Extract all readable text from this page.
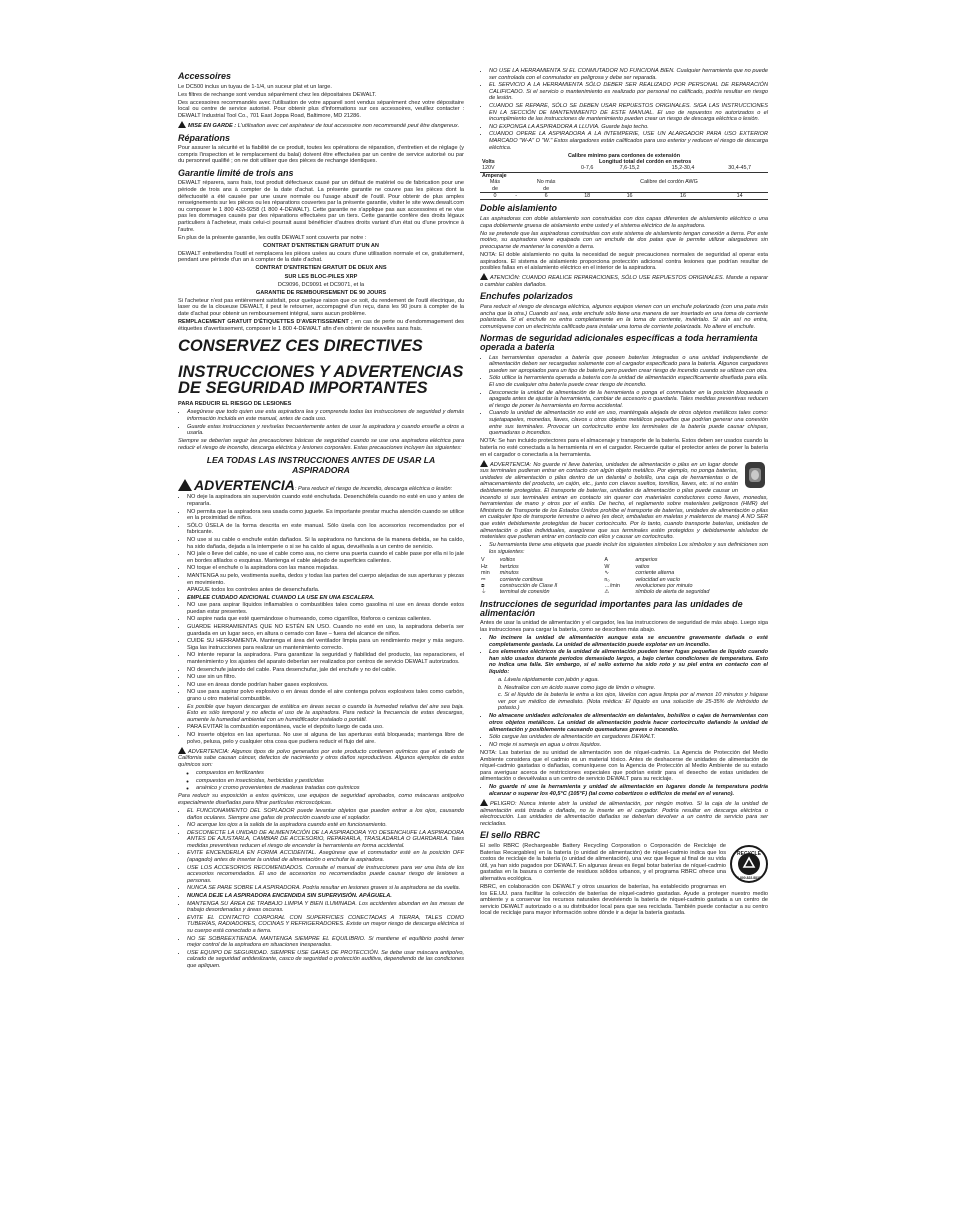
Accessoires

Le DC500 inclus un tuyau de 1-1/4, un suceur plat et un large.

Les filtres de rechange sont vendus séparément chez les dépositaires DEWALT.

Des accessoires recommandés avec l'utilisation de votre appareil sont vendus séparément chez votre dépositaire local ou centre de service autorisé. Pour obtenir plus d'informations sur ces accessoires, veuillez contacter : DEWALT Industrial Tool Co., 701 East Joppa Road, Baltimore, MD 21286.

MISE EN GARDE : L'utilisation avec cet aspirateur de tout accessoire non recommandé peut être dangereux.

Réparations

Pour assurer la sécurité et la fiabilité de ce produit, toutes les opérations de réparation, d'entretien et de réglage (y compris l'inspection et le remplacement du balai) doivent être effectuées par un centre de service autorisé ou par du personnel qualifié ; on ne doit utiliser que des pièces de rechange identiques.

Garantie limité de trois ans

DEWALT réparera, sans frais, tout produit défectueux causé par un défaut de matériel ou de fabrication pour une période de trois ans à compter de la date d'achat. La présente garantie ne couvre pas les pièces dont la défectuosité a été causée par une usure normale ou l'usage abusif de l'outil. Pour obtenir de plus amples renseignements sur les pièces ou les réparations couvertes par la présente garantie, visiter le site www.dewalt.com ou composer le 1 800 433-9258 (1 800 4-DEWALT). Cette garantie ne s'applique pas aux accessoires et ne vise pas les dommages causés par des réparations effectuées par un tiers. Cette garantie confère des droits légaux particuliers à l'acheteur, mais celui-ci pourrait aussi bénéficier d'autres droits variant d'un état ou d'une province à l'autre.

En plus de la présente garantie, les outils DEWALT sont couverts par notre :

CONTRAT D'ENTRETIEN GRATUIT D'UN AN

DEWALT entretiendra l'outil et remplacera les pièces usées au cours d'une utilisation normale et ce, gratuitement, pendant une période d'un an à compter de la date d'achat.

CONTRAT D'ENTRETIEN GRATUIT DE DEUX ANS

SUR LES BLOC-PILES XRP

DC9096, DC9091 et DC9071, et la

GARANTIE DE REMBOURSEMENT DE 90 JOURS

Si l'acheteur n'est pas entièrement satisfait, pour quelque raison que ce soit, du rendement de l'outil électrique, du laser ou de la cloueuse DEWALT, il peut le retourner, accompagné d'un reçu, dans les 90 jours à compter de la date d'achat pour obtenir un remboursement intégral, sans aucun problème.

REMPLACEMENT GRATUIT D'ÉTIQUETTES D'AVERTISSEMENT ; en cas de perte ou d'endommagement des étiquettes d'avertissement, composer le 1 800 4-DEWALT afin d'en obtenir de nouvelles sans frais.

CONSERVEZ CES DIRECTIVES
INSTRUCCIONES Y ADVERTENCIAS DE SEGURIDAD IMPORTANTES

PARA REDUCIR EL RIESGO DE LESIONES

• Asegúrese que todo quien use esta aspiradora lea y comprenda todas las instrucciones de seguridad y demás información incluida en este manual, antes de cada uso.
• Guarde estas instrucciones y revíselas frecuentemente antes de usar la aspiradora y cuando enseñe a otros a usarla.

Siempre se deberían seguir las precauciones básicas de seguridad cuando se use una aspiradora eléctrica para reducir el riesgo de incendio, descarga eléctrica y lesiones corporales. Estas precauciones incluyen las siguientes:

LEA TODAS LAS INSTRUCCIONES ANTES DE USAR LA ASPIRADORA

ADVERTENCIA: Para reducir el riesgo de incendio, descarga eléctrica o lesión:

• NO deje la aspiradora sin supervisión cuando esté enchufada. Desenchúfela cuando no esté en uso y antes de repararla.
• NO permita que la aspiradora sea usada como juguete. Es importante prestar mucha atención cuando se utilice en la proximidad de niños.
• SÓLO ÚSELA de la forma descrita en este manual. Sólo úsela con los accesorios recomendados por el fabricante.
• NO use si su cable o enchufe están dañados. Si la aspiradora no funciona de la manera debida, se ha caído, ha sido dañada, dejada a la intemperie o si se ha caído al agua, devuélvala a un centro de servicio.
• NO jale o lleve del cable, no use el cable como asa, no cierre una puerta cuando el cable pase por ella ni lo jale en bordes afilados o esquinas. Mantenga el cable alejado de superficies calientes.
• NO toque el enchufe o la aspiradora con las manos mojadas.
• MANTENGA su pelo, vestimenta suelta, dedos y todas las partes del cuerpo alejadas de sus aperturas y piezas en movimiento.
• APAGUE todos los controles antes de desenchufarla.
• EMPLEE CUIDADO ADICIONAL CUANDO LA USE EN UNA ESCALERA.
• NO use para aspirar líquidos inflamables o combustibles tales como gasolina ni use en áreas donde estos puedan estar presentes.
• NO aspire nada que esté quemándose o humeando, como cigarrillos, fósforos o cenizas calientes.
• GUARDE HERRAMIENTAS QUE NO ESTÉN EN USO. Cuando no esté en uso, la aspiradora debería ser guardada en un lugar seco, en altura o cerrado con llave – fuera del alcance de niños.
• CUIDE SU HERRAMIENTA. Mantenga el área del ventilador limpia para un rendimiento mejor y más seguro. Siga las instrucciones para realizar un mantenimiento correcto.
• NO intente reparar la aspiradora. Para garantizar la seguridad y fiabilidad del producto, las reparaciones, el mantenimiento y los ajustes del aparato deberían ser realizados por centros de servicio DEWALT autorizados.
• NO desenchufe jalando del cable. Para desenchufar, jale del enchufe y no del cable.
• NO use sin un filtro.
• NO use en áreas donde podrían haber gases explosivos.
• NO use para aspirar polvo explosivo o en áreas donde el aire contenga polvos explosivos tales como carbón, grano u otro material combustible.
• Es posible que hayan descargas de estática en áreas secas o cuando la humedad relativa del aire sea baja. Esto es sólo temporal y no afecta el uso de la aspiradora. Para reducir la frecuencia de estas descargas, aumente la humedad ambiental con un humidificador instalado o portátil.
• PARA EVITAR la combustión espontánea, vacíe el depósito luego de cada uso.
• NO inserte objetos en las aperturas. No use si alguna de las aperturas está bloqueada; mantenga libre de polvo, pelusa, pelo y cualquier otra cosa que pudiera reducir el flujo del aire.

ADVERTENCIA: Algunos tipos de polvo generados por este producto contienen químicos que el estado de California sabe causan cáncer, defectos de nacimiento y otros daños reproductivos. Algunos ejemplos de estos químicos son:

◦ compuestos en fertilizantes
◦ compuestos en insecticidas, herbicidas y pesticidas
◦ arsénico y cromo provenientes de maderas tratadas con químicos

Para reducir su exposición a estos químicos, use equipos de seguridad aprobados, como máscaras antipolvo especialmente diseñadas para filtrar partículas microscópicas.

• EL FUNCIONAMIENTO DEL SOPLADOR puede levantar objetos que pueden entrar a los ojos, causando daños oculares. Siempre use gafas de protección cuando use el soplador.
• NO acerque los ojos a la salida de la aspiradora cuando esté en funcionamiento.
• DESCONECTE LA UNIDAD DE ALIMENTACIÓN DE LA ASPIRADORA Y/O DESENCHUFE LA ASPIRADORA ANTES DE AJUSTARLA, CAMBIAR DE ACCESORIO, REPARARLA, TRASLADARLA O GUARDARLA. Tales medidas preventivas reducen el riesgo de encender la herramienta en forma accidental.
• EVITE ENCENDERLA EN FORMA ACCIDENTAL. Asegúrese que el conmutador esté en la posición OFF (apagado) antes de insertar la unidad de alimentación o enchufar la aspiradora.
• USE LOS ACCESORIOS RECOMENDADOS. Consulte el manual de instrucciones para ver una lista de los accesorios recomendados. El uso de accesorios no recomendados puede causar riesgo de lesiones a personas.
• NUNCA SE PARE SOBRE LA ASPIRADORA. Podría resultar en lesiones graves si la aspiradora se da vuelta.
• NUNCA DEJE LA ASPIRADORA ENCENDIDA SIN SUPERVISIÓN. APÁGUELA.
• MANTENGA SU ÁREA DE TRABAJO LIMPIA Y BIEN ILUMINADA. Los accidentes abundan en las mesas de trabajo desordenadas y áreas oscuras.
• EVITE EL CONTACTO CORPORAL CON SUPERFICIES CONECTADAS A TIERRA, TALES COMO TUBERÍAS, RADIADORES, COCINAS Y REFRIGERADORES. Existe un mayor riesgo de descarga eléctrica si su cuerpo está conectado a tierra.
• NO SE SOBREEXTIENDA. MANTENGA SIEMPRE EL EQUILIBRIO. Si mantiene el equilibrio podrá tener mejor control de la aspiradora en situaciones inesperadas.
• USE EQUIPO DE SEGURIDAD. SIEMPRE USE GAFAS DE PROTECCIÓN. Se debe usar máscara antipolvo, calzado de seguridad antideslizante, casco de seguridad o protección auditiva, dependiendo de las condiciones que apliquen.
• NO USE LA HERRAMIENTA SI EL CONMUTADOR NO FUNCIONA BIEN. Cualquier herramienta que no puede ser controlada con el conmutador es peligrosa y debe ser reparada.
• EL SERVICIO A LA HERRAMIENTA SÓLO DEBER SER REALIZADO POR PERSONAL DE REPARACIÓN CALIFICADO. Si el servicio o mantenimiento es realizado por personal no calificado, podría resultar en riesgo de lesión.
• CUANDO SE REPARE, SÓLO SE DEBEN USAR REPUESTOS ORIGINALES. SIGA LAS INSTRUCCIONES EN LA SECCIÓN DE MANTENIMIENTO DE ESTE MANUAL. El uso de repuestos no autorizados o el incumplimiento de las instrucciones de mantenimiento pueden crear un riesgo de descarga eléctrica o lesión.
• NO EXPONGA LA ASPIRADORA A LLUVIA. Guarde bajo techo.
• CUANDO OPERE LA ASPIRADORA A LA INTEMPERIE, USE UN ALARGADOR PARA USO EXTERIOR MARCADO "W-A" O "W." Estos alargadores están calificados para uso exterior y reducen el riesgo de descarga eléctrica.
Calibre mínimo para cordones de extensión						
Volts		Longitud total del cordón en metros				
120V			0-7,6	7,6-15,2	15,2-30,4	30,4-45,7
Amperaje						
Más		No más	Calibre del cordón AWG			
de		de				
0	-	6	18	16	16	14
Doble aislamiento

Las aspiradoras con doble aislamiento son construidas con dos capas diferentes de aislamiento eléctrico o una capa doblemente gruesa de aislamiento entre usted y el sistema eléctrico de la aspiradora.

No se pretende que las aspiradoras construidas con este sistema de aislamiento tengan conexión a tierra. Por este motivo, su aspiradora viene equipada con un enchufe de dos patas que le permite utilizar alargadores sin preocuparse de mantener la conexión a tierra.

NOTA: El doble aislamiento no quita la necesidad de seguir precauciones normales de seguridad al operar esta aspiradora. El sistema de aislamiento proporciona protección adicional contra lesiones que podrían resultar de posibles fallas en el aislamiento eléctrico en el interior de la aspiradora.

ATENCIÓN: CUANDO REALICE REPARACIONES, SÓLO USE REPUESTOS ORIGINALES. Mande a reparar o cambiar cables dañados.

Enchufes polarizados

Para reducir el riesgo de descarga eléctrica, algunos equipos vienen con un enchufe polarizado (con una pata más ancha que la otra.) Cuando así sea, este enchufe sólo tiene una manera de ser insertado en una toma de corriente polarizada. Si el enchufe no entra completamente en la toma de corriente, inviértalo. Si aún así no entra, comuníquese con un electricista calificado para instalar una toma de corriente polarizada. No altere el enchufe.

Normas de seguridad adicionales específicas a toda herramienta operada a batería
• Las herramientas operadas a batería que poseen baterías integradas o una unidad independiente de alimentación deben ser recargadas solamente con el cargador especificado para la batería. Algunos cargadores pueden ser apropiados para un tipo de batería pero pueden crear riesgo de incendio cuando se utilizan con otra.
• Sólo utilice la herramienta operada a batería con la unidad de alimentación específicamente diseñada para ella. El uso de cualquier otra batería puede crear riesgo de incendio.
• Desconecte la unidad de alimentación de la herramienta o ponga el conmutador en la posición bloqueada o apagada antes de ajustar la herramienta, cambiar de accesorio o guardarla. Tales medidas preventivas reducen el riesgo de poner la herramienta en forma accidental.
• Cuando la unidad de alimentación no esté en uso, manténgala alejada de otros objetos metálicos tales como: sujetapapeles, monedas, llaves, clavos u otros objetos metálicos pequeños que podrían generar una conexión entre sus terminales. Provocar un cortocircuito entre los terminales de la batería puede causar chispas, quemaduras o incendios.

NOTA: Se han incluido protectores para el almacenaje y transporte de la batería. Estos deben ser usados cuando la batería no esté conectada a la herramienta ni en el cargador. Recuerde quitar el protector antes de poner la batería en el cargador o conectarla a la herramienta.

ADVERTENCIA: No guarde ni lleve baterías, unidades de alimentación o pilas en un lugar donde sus terminales pudieran entrar en contacto con algún objeto metálico. Por ejemplo, no ponga baterías, unidades de alimentación o pilas dentro de un delantal o bolsillo, una caja de herramientas o de almacenamiento del producto, un cajón, etc., junto con clavos sueltos, tornillos, llaves, etc. si no están debidamente protegidas. El transporte de baterías, unidades de alimentación o pilas puede causar un incendio si sus terminales entran en contacto sin querer con materiales conductores como llaves, monedas, herramientas de mano y otros por el estilo. De hecho, el reglamento sobre materiales peligrosos (HMR) del Ministerio de Transporte de los Estados Unidos prohíbe el transporte de baterías, unidades de alimentación o pilas en cualquier tipo de transporte terrestre o aéreo (es decir, embaladas en maletas y maleteros de mano) A NO SER que estén debidamente protegidas de hacer cortocircuito. Por lo tanto, cuando transporte baterías, unidades de alimentación o pilas individuales, asegúrese que sus terminales estén protegidos y debidamente aislados de materiales que pudieran entrar en contacto con ellos y causar un cortocircuito.

• Su herramienta tiene una etiqueta que puede incluir los siguientes símbolos Los símbolos y sus definiciones son los siguientes:
V	voltios	A	amperios
Hz	hertzios	W	vatios
min	minutos	∿	corriente alterna
⎓	corriente continua	n₀	velocidad en vacío
⧈	construcción de Clase II	…/min	revoluciones por minuto
⏚	terminal de conexión	⚠	símbolo de alerta de seguridad
Instrucciones de seguridad importantes para las unidades de alimentación

Antes de usar la unidad de alimentación y el cargador, lea las instrucciones de seguridad de más abajo. Luego siga las instrucciones para cargar la batería, como se describen más abajo.

• No incinere la unidad de alimentación aunque esta se encuentre gravemente dañada o esté completamente gastada. La unidad de alimentación puede explotar en un incendio.
• Los elementos eléctricos de la unidad de alimentación pueden tener fugas pequeñas de líquido cuando han sido usados durante períodos demasiado largos, a bajo ciertas condiciones de temperatura. Esto no indica una falla. Sin embargo, si el sello externo ha sido roto y su piel entra en contacto con el líquido:
a. Lávela rápidamente con jabón y agua.
b. Neutralice con un ácido suave como jugo de limón o vinagre.
c. Si el líquido de la batería le entra a los ojos, lávelos con agua limpia por al menos 10 minutos y hágase ver por un médico de inmediato. (Nota médica: El líquido es una solución de 25-35% de hidróxido de potasio.)
• No almacene unidades adicionales de alimentación en delantales, bolsillos o cajas de herramientas con otros objetos metálicos. La unidad de alimentación podría hacer cortocircuito dañando la unidad de alimentación y posiblemente causando quemaduras graves o incendio.
• Sólo cargue las unidades de alimentación en cargadores DEWALT.
• NO moje ni sumerja en agua u otros líquidos.

NOTA: Las baterías de su unidad de alimentación son de níquel-cadmio. La Agencia de Protección del Medio Ambiente considera que el cadmio es un material tóxico. Antes de deshacerse de unidades de alimentación de níquel-cadmio gastadas o dañadas, comuníquese con la Agencia de Protección al Medio Ambiente de su estado para averiguar acerca de restricciones especiales que podrían existir para el desecho de estas unidades de alimentación o devuélvalas a un centro de servicio DEWALT para su reciclaje.

• No guarde ni use la herramienta y unidad de alimentación en lugares donde la temperatura podría alcanzar o superar los 40,5°C (105°F) (tal como cobertizos o edificios de metal en el verano).

PELIGRO: Nunca intente abrir la unidad de alimentación, por ningún motivo. Si la caja de la unidad de alimentación está trizada o dañada, no la inserte en el cargador. Podría resultar en descarga eléctrica o electrocución. Las unidades de alimentación dañadas se deberían devolver a un centro de servicio para ser recicladas.

El sello RBRC

RECYCLE
1.800.822.8837
El sello RBRC (Rechargeable Battery Recycling Corporation o Corporación de Reciclaje de Baterías Recargables) en la batería (o unidad de alimentación) de níquel-cadmio indica que los costos de reciclaje de la batería (o unidad de alimentación), una vez que llegue al final de su vida útil, ya han sido pagados por DEWALT. En algunas áreas es ilegal botar baterías de níquel-cadmio gastadas en la basura o corriente de residuos sólidos urbanos, y el programa RBRC ofrece una alternativa ecológica.

RBRC, en colaboración con DEWALT y otros usuarios de baterías, ha establecido programas en los EE.UU. para facilitar la colección de baterías de níquel-cadmio gastadas. Ayude a proteger nuestro medio ambiente y a conservar los recursos naturales devolviendo la batería de níquel-cadmio gastada a un centro de servicio DEWALT autorizado o a su distribuidor local para que sea reciclada. También puede contactar a su centro local de reciclaje para mayor información sobre dónde ir a dejar la batería gastada.
